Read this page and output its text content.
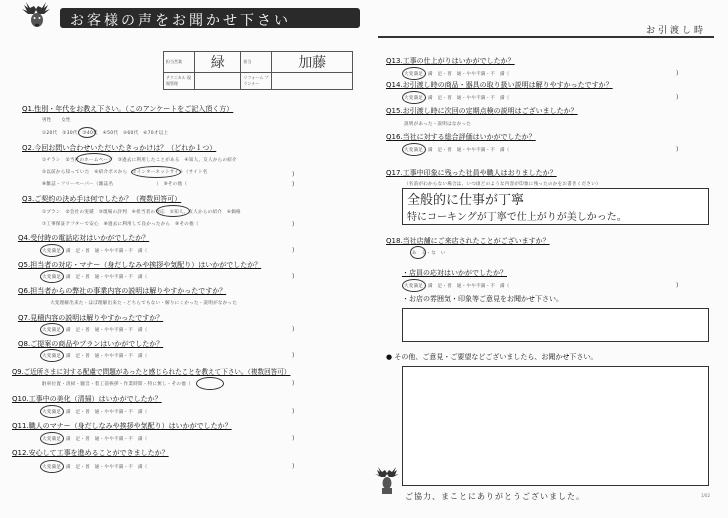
お客様の声をお聞かせ下さい
お引渡し時
担当営業	緑	担当	加藤
テクニカル 現場管理		リフォーム プランナー	
Q1.性別・年代をお教え下さい。（このアンケートをご記入頂く方）
男性　　女性
①20代　②30代　③40代　④50代　⑤60代　⑥70才以上
Q2.今回お問い合わせいただいたきっかけは？（どれか１つ）
①チラシ　②当社のホームページ　③過去に利用したことがある　④知人、友人からの紹介
⑤以前から知っていた　⑥紹介ポスから　⑦インターネットサイト（サイト名
⑧雑誌・フリーペーパー（雑誌名　　　　　　　　　）　⑨その他（
)
)
Q3.ご契約の決め手は何でしたか？（複数回答可）
①プラン　②会社の実績　③現場の評判　④担当者の対応　⑤知人、友人からの紹介　⑥価格
⑦工事保証アフターで安心　⑧過去に利用して良かったから　⑨その他（	)
Q4.受付時の電話応対はいかがでしたか？
大変満足・満　足・普　通・やや不満・不　満（	)
Q5.担当者の対応・マナー（身だしなみや挨拶や気配り）はいかがでしたか？
大変満足・満　足・普　通・やや不満・不　満（	)
Q6.担当者からの弊社の事業内容の説明は解りやすかったですか？
大変理解出来た・ほぼ理解出来た・どちらでもない・解りにくかった・説明がなかった
Q7.見積内容の説明は解りやすかったですか？
大変満足・満　足・普　通・やや不満・不　満（	)
Q8.ご提案の商品やプランはいかがでしたか？
大変満足・満　足・普　通・やや不満・不　満（	)
Q9.ご近所さまに対する配慮で問題があったと感じられたことを教えて下さい。（複数回答可）
駐車位置・清掃・騒音・着工前挨拶・作業時間・特に無し・その他（	)
Q10.工事中の美化（清掃）はいかがでしたか？
大変満足・満　足・普　通・やや不満・不　満（	)
Q11.職人のマナー（身だしなみや挨拶や気配り）はいかがでしたか？
大変満足・満　足・普　通・やや不満・不　満（	)
Q12.安心して工事を進めることができましたか？
大変満足・満　足・普　通・やや不満・不　満（	)
Q13.工事の仕上がりはいかがでしたか？
大変満足・満　足・普　通・やや不満・不　満（	)
Q14.お引渡し時の商品・器具の取り扱い説明は解りやすかったですか？
大変満足・満　足・普　通・やや不満・不　満（	)
Q15.お引渡し時に次回の定期点検の説明はございましたか？
説明があった・説明はなかった
Q16.当社に対する総合評価はいかがでしたか？
大変満足・満　足・普　通・やや不満・不　満（	)
Q17.工事中印象に残った社員や職人はおりましたか？
（名前がわからない場合は、いつ頃どのような内容が印象に残ったのかをお書きください）
全般的に仕事が丁寧
特にコーキングが丁寧で仕上がりが美しかった。
Q18.当社店舗にご来店されたことがございますか？
あ　る・な　い
・店員の応対はいかがでしたか？
大変満足・満　足・普　通・やや不満・不　満（	)
・お店の雰囲気・印象等ご意見をお聞かせ下さい。
● その他、ご意見・ご要望などございましたら、お聞かせ下さい。
ご協力、まことにありがとうございました。	1/02
